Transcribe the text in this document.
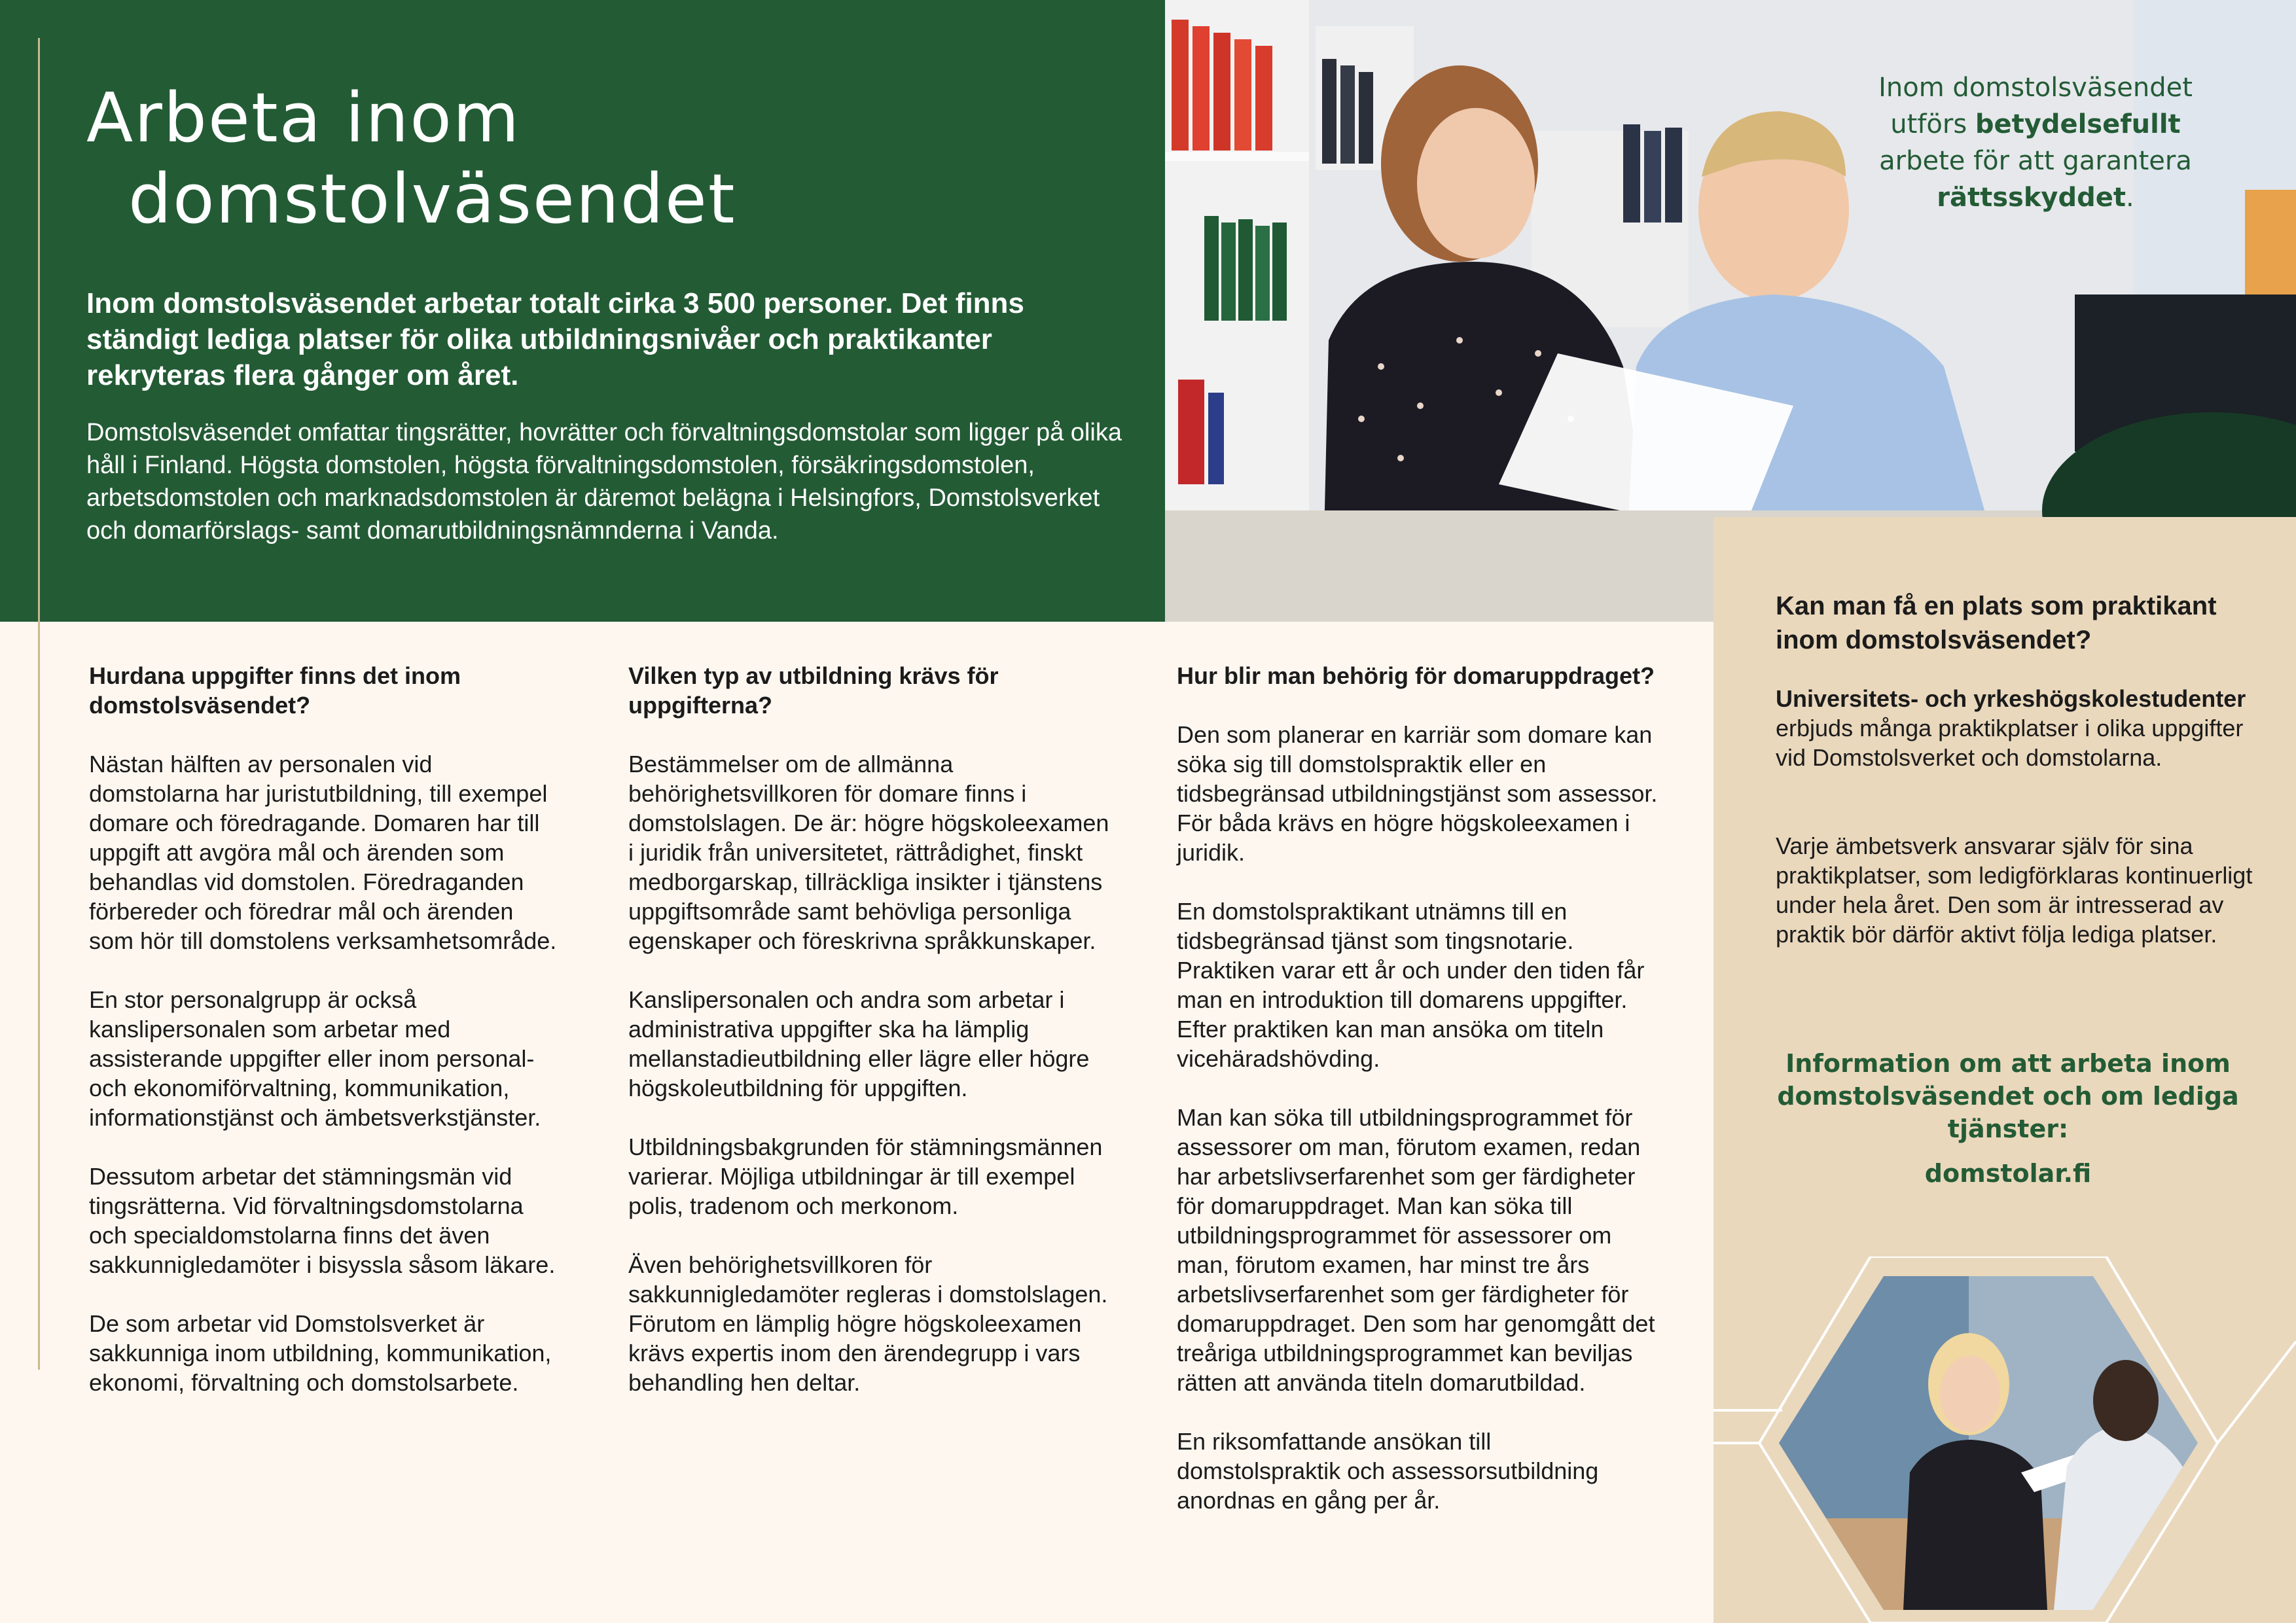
Arbeta inom
domstolväsendet
Inom domstolsväsendet arbetar totalt cirka 3 500 personer. Det finns ständigt lediga platser för olika utbildningsnivåer och praktikanter rekryteras flera gånger om året.
Domstolsväsendet omfattar tingsrätter, hovrätter och förvaltningsdomstolar som ligger på olika håll i Finland. Högsta domstolen, högsta förvaltningsdomstolen, försäkringsdomstolen, arbetsdomstolen och marknadsdomstolen är däremot belägna i Helsingfors, Domstolsverket och domarförslags- samt domarutbildningsnämnderna i Vanda.
Inom domstolsväsendet utförs betydelsefullt arbete för att garantera rättsskyddet.
Kan man få en plats som praktikant inom domstolsväsendet?
Universitets- och yrkeshögskolestudenter erbjuds många praktikplatser i olika uppgifter vid Domstolsverket och domstolarna.
Varje ämbetsverk ansvarar själv för sina praktikplatser, som ledigförklaras kontinuerligt under hela året. Den som är intresserad av praktik bör därför aktivt följa lediga platser.
Information om att arbeta inom domstolsväsendet och om lediga tjänster:
domstolar.fi
Hurdana uppgifter finns det inom domstolsväsendet?

Nästan hälften av personalen vid domstolarna har juristutbildning, till exempel domare och föredragande. Domaren har till uppgift att avgöra mål och ärenden som behandlas vid domstolen. Föredraganden förbereder och föredrar mål och ärenden som hör till domstolens verksamhetsområde.

En stor personalgrupp är också kanslipersonalen som arbetar med assisterande uppgifter eller inom personal- och ekonomiförvaltning, kommunikation, informationstjänst och ämbetsverkstjänster.

Dessutom arbetar det stämningsmän vid tingsrätterna. Vid förvaltningsdomstolarna och specialdomstolarna finns det även sakkunnigledamöter i bisyssla såsom läkare.

De som arbetar vid Domstolsverket är sakkunniga inom utbildning, kommunikation, ekonomi, förvaltning och domstolsarbete.

Vilken typ av utbildning krävs för uppgifterna?

Bestämmelser om de allmänna behörighetsvillkoren för domare finns i domstolslagen. De är: högre högskoleexamen i juridik från universitetet, rättrådighet, finskt medborgarskap, tillräckliga insikter i tjänstens uppgiftsområde samt behövliga personliga egenskaper och föreskrivna språkkunskaper.

Kanslipersonalen och andra som arbetar i administrativa uppgifter ska ha lämplig mellanstadieutbildning eller lägre eller högre högskoleutbildning för uppgiften.

Utbildningsbakgrunden för stämningsmännen varierar. Möjliga utbildningar är till exempel polis, tradenom och merkonom.

Även behörighetsvillkoren för sakkunnigledamöter regleras i domstolslagen. Förutom en lämplig högre högskoleexamen krävs expertis inom den ärendegrupp i vars behandling hen deltar.

Hur blir man behörig för domaruppdraget?

Den som planerar en karriär som domare kan söka sig till domstolspraktik eller en tidsbegränsad utbildningstjänst som assessor. För båda krävs en högre högskoleexamen i juridik.

En domstolspraktikant utnämns till en tidsbegränsad tjänst som tingsnotarie. Praktiken varar ett år och under den tiden får man en introduktion till domarens uppgifter. Efter praktiken kan man ansöka om titeln vicehäradshövding.

Man kan söka till utbildningsprogrammet för assessorer om man, förutom examen, redan har arbetslivserfarenhet som ger färdigheter för domaruppdraget. Man kan söka till utbildningsprogrammet för assessorer om man, förutom examen, har minst tre års arbetslivserfarenhet som ger färdigheter för domaruppdraget. Den som har genomgått det treåriga utbildningsprogrammet kan beviljas rätten att använda titeln domarutbildad.

En riksomfattande ansökan till domstolspraktik och assessorsutbildning anordnas en gång per år.
